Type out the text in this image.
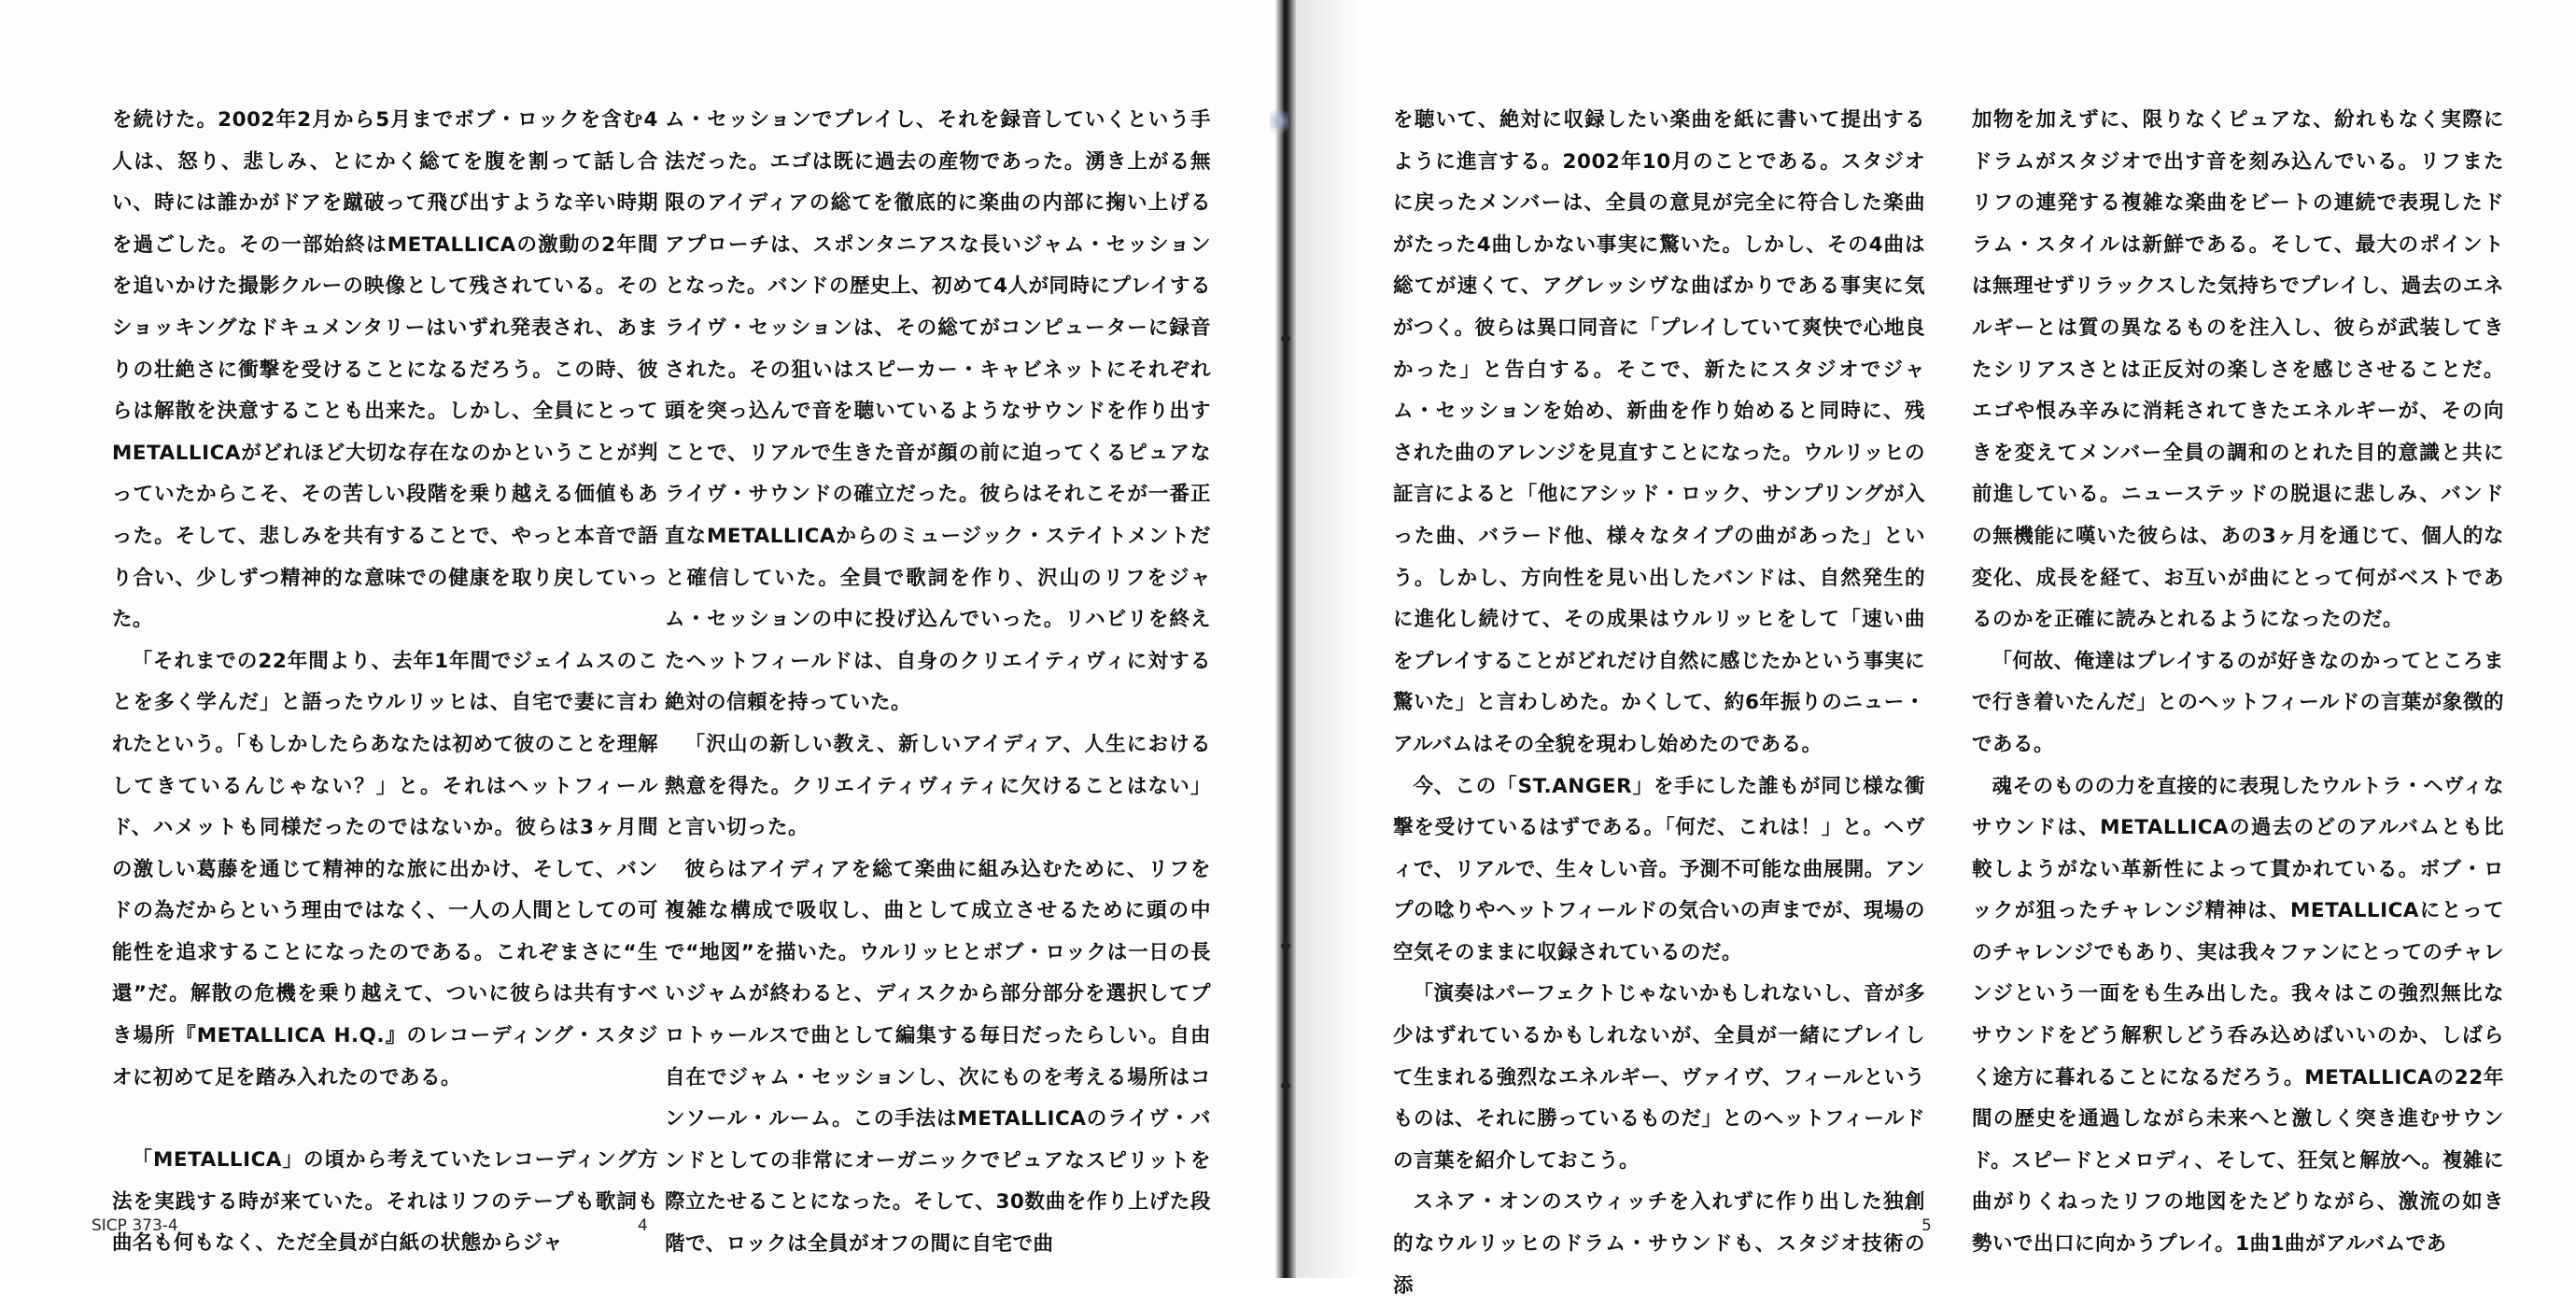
を続けた。2002年2月から5月までボブ・ロックを含む4人は、怒り、悲しみ、とにかく総てを腹を割って話し合い、時には誰かがドアを蹴破って飛び出すような辛い時期を過ごした。その一部始終はMETALLICAの激動の2年間を追いかけた撮影クルーの映像として残されている。そのショッキングなドキュメンタリーはいずれ発表され、あまりの壮絶さに衝撃を受けることになるだろう。この時、彼らは解散を決意することも出来た。しかし、全員にとってMETALLICAがどれほど大切な存在なのかということが判っていたからこそ、その苦しい段階を乗り越える価値もあった。そして、悲しみを共有することで、やっと本音で語り合い、少しずつ精神的な意味での健康を取り戻していった。

「それまでの22年間より、去年1年間でジェイムスのことを多く学んだ」と語ったウルリッヒは、自宅で妻に言われたという。「もしかしたらあなたは初めて彼のことを理解してきているんじゃない？」と。それはヘットフィールド、ハメットも同様だったのではないか。彼らは3ヶ月間の激しい葛藤を通じて精神的な旅に出かけ、そして、バンドの為だからという理由ではなく、一人の人間としての可能性を追求することになったのである。これぞまさに“生還”だ。解散の危機を乗り越えて、ついに彼らは共有すべき場所『METALLICA H.Q.』のレコーディング・スタジオに初めて足を踏み入れたのである。

「METALLICA」の頃から考えていたレコーディング方法を実践する時が来ていた。それはリフのテープも歌詞も曲名も何もなく、ただ全員が白紙の状態からジャ

ム・セッションでプレイし、それを録音していくという手法だった。エゴは既に過去の産物であった。湧き上がる無限のアイディアの総てを徹底的に楽曲の内部に掬い上げるアプローチは、スポンタニアスな長いジャム・セッションとなった。バンドの歴史上、初めて4人が同時にプレイするライヴ・セッションは、その総てがコンピューターに録音された。その狙いはスピーカー・キャビネットにそれぞれ頭を突っ込んで音を聴いているようなサウンドを作り出すことで、リアルで生きた音が顔の前に迫ってくるピュアなライヴ・サウンドの確立だった。彼らはそれこそが一番正直なMETALLICAからのミュージック・ステイトメントだと確信していた。全員で歌詞を作り、沢山のリフをジャム・セッションの中に投げ込んでいった。リハビリを終えたヘットフィールドは、自身のクリエイティヴィに対する絶対の信頼を持っていた。

「沢山の新しい教え、新しいアイディア、人生における熱意を得た。クリエイティヴィティに欠けることはない」と言い切った。

彼らはアイディアを総て楽曲に組み込むために、リフを複雑な構成で吸収し、曲として成立させるために頭の中で“地図”を描いた。ウルリッヒとボブ・ロックは一日の長いジャムが終わると、ディスクから部分部分を選択してプロトゥールスで曲として編集する毎日だったらしい。自由自在でジャム・セッションし、次にものを考える場所はコンソール・ルーム。この手法はMETALLICAのライヴ・バンドとしての非常にオーガニックでピュアなスピリットを際立たせることになった。そして、30数曲を作り上げた段階で、ロックは全員がオフの間に自宅で曲

SICP 373-4	4	5

を聴いて、絶対に収録したい楽曲を紙に書いて提出するように進言する。2002年10月のことである。スタジオに戻ったメンバーは、全員の意見が完全に符合した楽曲がたった4曲しかない事実に驚いた。しかし、その4曲は総てが速くて、アグレッシヴな曲ばかりである事実に気がつく。彼らは異口同音に「プレイしていて爽快で心地良かった」と告白する。そこで、新たにスタジオでジャム・セッションを始め、新曲を作り始めると同時に、残された曲のアレンジを見直すことになった。ウルリッヒの証言によると「他にアシッド・ロック、サンプリングが入った曲、バラード他、様々なタイプの曲があった」という。しかし、方向性を見い出したバンドは、自然発生的に進化し続けて、その成果はウルリッヒをして「速い曲をプレイすることがどれだけ自然に感じたかという事実に驚いた」と言わしめた。かくして、約6年振りのニュー・アルバムはその全貌を現わし始めたのである。

今、この「ST.ANGER」を手にした誰もが同じ様な衝撃を受けているはずである。「何だ、これは！」と。ヘヴィで、リアルで、生々しい音。予測不可能な曲展開。アンプの唸りやヘットフィールドの気合いの声までが、現場の空気そのままに収録されているのだ。

「演奏はパーフェクトじゃないかもしれないし、音が多少はずれているかもしれないが、全員が一緒にプレイして生まれる強烈なエネルギー、ヴァイヴ、フィールというものは、それに勝っているものだ」とのヘットフィールドの言葉を紹介しておこう。

スネア・オンのスウィッチを入れずに作り出した独創的なウルリッヒのドラム・サウンドも、スタジオ技術の添

加物を加えずに、限りなくピュアな、紛れもなく実際にドラムがスタジオで出す音を刻み込んでいる。リフまたリフの連発する複雑な楽曲をビートの連続で表現したドラム・スタイルは新鮮である。そして、最大のポイントは無理せずリラックスした気持ちでプレイし、過去のエネルギーとは質の異なるものを注入し、彼らが武装してきたシリアスさとは正反対の楽しさを感じさせることだ。エゴや恨み辛みに消耗されてきたエネルギーが、その向きを変えてメンバー全員の調和のとれた目的意識と共に前進している。ニューステッドの脱退に悲しみ、バンドの無機能に嘆いた彼らは、あの3ヶ月を通じて、個人的な変化、成長を経て、お互いが曲にとって何がベストであるのかを正確に読みとれるようになったのだ。

「何故、俺達はプレイするのが好きなのかってところまで行き着いたんだ」とのヘットフィールドの言葉が象徴的である。

魂そのものの力を直接的に表現したウルトラ・ヘヴィなサウンドは、METALLICAの過去のどのアルバムとも比較しようがない革新性によって貫かれている。ボブ・ロックが狙ったチャレンジ精神は、METALLICAにとってのチャレンジでもあり、実は我々ファンにとってのチャレンジという一面をも生み出した。我々はこの強烈無比なサウンドをどう解釈しどう呑み込めばいいのか、しばらく途方に暮れることになるだろう。METALLICAの22年間の歴史を通過しながら未来へと激しく突き進むサウンド。スピードとメロディ、そして、狂気と解放へ。複雑に曲がりくねったリフの地図をたどりながら、激流の如き勢いで出口に向かうプレイ。1曲1曲がアルバムであ
